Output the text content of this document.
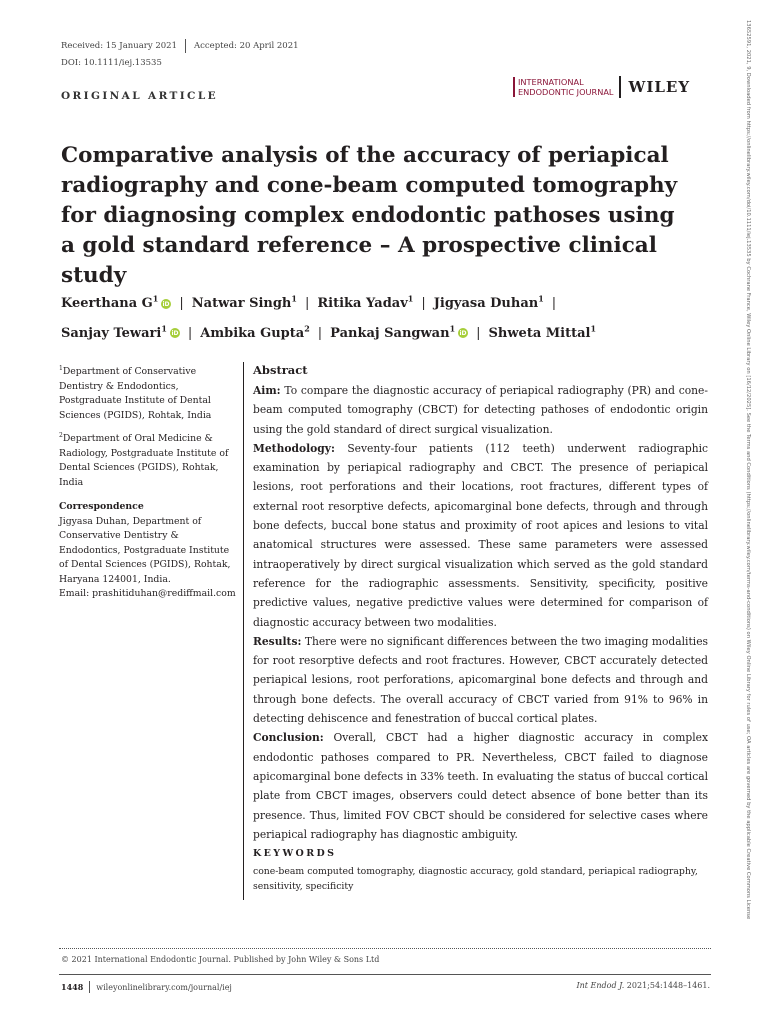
Received: 15 January 2021 Accepted: 20 April 2021
DOI: 10.1111/iej.13535
ORIGINAL ARTICLE
INTERNATIONAL
ENDODONTIC JOURNAL WILEY
Comparative analysis of the accuracy of periapical radiography and cone-beam computed tomography for diagnosing complex endodontic pathoses using a gold standard reference – A prospective clinical study
Keerthana $G^1$
iD | Natwar Singh$^1$ | Ritika Yadav$^1$ | Jigyasa Duhan$^1$ |
Sanjay Tewari$^1$
iD | Ambika Gupta$^2$ | Pankaj Sangwan$^1$
iD | Shweta Mittal$^1$

$^1$Department of Conservative Dentistry & Endodontics, Postgraduate Institute of Dental Sciences (PGIDS), Rohtak, India

$^2$Department of Oral Medicine & Radiology, Postgraduate Institute of Dental Sciences (PGIDS), Rohtak, India

Correspondence
Jigyasa Duhan, Department of Conservative Dentistry & Endodontics, Postgraduate Institute of Dental Sciences (PGIDS), Rohtak, Haryana 124001, India.
Email: prashitiduhan@rediffmail.com
Abstract

Aim: To compare the diagnostic accuracy of periapical radiography (PR) and cone-beam computed tomography (CBCT) for detecting pathoses of endodontic origin using the gold standard of direct surgical visualization.

Methodology: Seventy-four patients (112 teeth) underwent radiographic examination by periapical radiography and CBCT. The presence of periapical lesions, root perforations and their locations, root fractures, different types of external root resorptive defects, apicomarginal bone defects, through and through bone defects, buccal bone status and proximity of root apices and lesions to vital anatomical structures were assessed. These same parameters were assessed intraoperatively by direct surgical visualization which served as the gold standard reference for the radiographic assessments. Sensitivity, specificity, positive predictive values, negative predictive values were determined for comparison of diagnostic accuracy between two modalities.

Results: There were no significant differences between the two imaging modalities for root resorptive defects and root fractures. However, CBCT accurately detected periapical lesions, root perforations, apicomarginal bone defects and through and through bone defects. The overall accuracy of CBCT varied from 91% to 96% in detecting dehiscence and fenestration of buccal cortical plates.

Conclusion: Overall, CBCT had a higher diagnostic accuracy in complex endodontic pathoses compared to PR. Nevertheless, CBCT failed to diagnose apicomarginal bone defects in 33% teeth. In evaluating the status of buccal cortical plate from CBCT images, observers could detect absence of bone better than its presence. Thus, limited FOV CBCT should be considered for selective cases where periapical radiography has diagnostic ambiguity.

KEYWORDS
cone-beam computed tomography, diagnostic accuracy, gold standard, periapical radiography, sensitivity, specificity
© 2021 International Endodontic Journal. Published by John Wiley & Sons Ltd
1448 wileyonlinelibrary.com/journal/iej	Int Endod J. 2021;54:1448–1461.
13652591, 2021, 9, Downloaded from https://onlinelibrary.wiley.com/doi/10.1111/iej.13535 by Cochrane France, Wiley Online Library on [16/12/2025]. See the Terms and Conditions (https://onlinelibrary.wiley.com/terms-and-conditions) on Wiley Online Library for rules of use; OA articles are governed by the applicable Creative Commons License
